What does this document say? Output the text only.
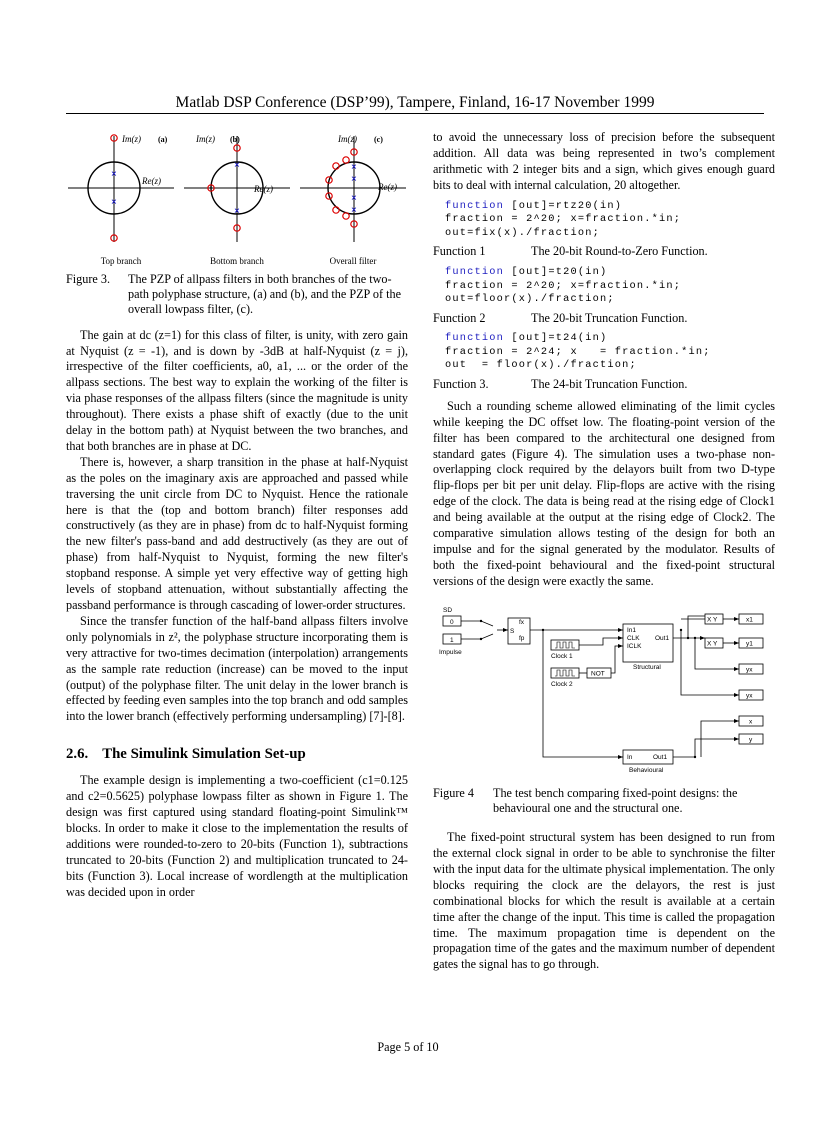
Matlab DSP Conference (DSP’99), Tampere, Finland, 16-17 November 1999
×
×
Im(z) (a)
Re(z)
Top branch
×
×
Im(z) (b)
Re(z)
Bottom branch
×
×
×
×
Im(z) (c)
Re(z)
Overall filter
Figure 3.	The PZP of allpass filters in both branches of the two-path polyphase structure, (a) and (b), and the PZP of the overall lowpass filter, (c).

The gain at dc (z=1) for this class of filter, is unity, with zero gain at Nyquist (z = -1), and is down by -3dB at half-Nyquist (z = j), irrespective of the filter coefficients, a0, a1, ... or the order of the allpass sections. The best way to explain the working of the filter is via phase responses of the allpass filters (since the magnitude is unity throughout). There exists a phase shift of exactly (due to the unit delay in the bottom path) at Nyquist between the two branches, and that both branches are in phase at DC.

There is, however, a sharp transition in the phase at half-Nyquist as the poles on the imaginary axis are approached and passed while traversing the unit circle from DC to Nyquist. Hence the rationale here is that the (top and bottom branch) filter responses add constructively (as they are in phase) from dc to half-Nyquist forming the new filter's pass-band and add destructively (as they are out of phase) from half-Nyquist to Nyquist, forming the new filter's stopband response. A simple yet very effective way of getting high levels of stopband attenuation, without substantially affecting the passband performance is through cascading of lower-order structures.

Since the transfer function of the half-band allpass filters involve only polynomials in z², the polyphase structure incorporating them is very attractive for two-times decimation (interpolation) arrangements as the sample rate reduction (increase) can be moved to the input (output) of the polyphase filter. The unit delay in the lower branch is effected by feeding even samples into the top branch and odd samples into the lower branch (effectively performing undersampling) [7]-[8].

2.6. The Simulink Simulation Set-up

The example design is implementing a two-coefficient (c1=0.125 and c2=0.5625) polyphase lowpass filter as shown in Figure 1. The design was first captured using standard floating-point Simulink™ blocks. In order to make it close to the implementation the results of additions were rounded-to-zero to 20-bits (Function 1), subtractions truncated to 20-bits (Function 2) and multiplication truncated to 24-bits (Function 3). Local increase of wordlength at the multiplication was decided upon in order

to avoid the unnecessary loss of precision before the subsequent addition. All data was being represented in two’s complement arithmetic with 2 integer bits and a sign, which gives enough guard bits to deal with internal calculation, 20 altogether.

function [out]=rtz20(in)
fraction = 2^20; x=fraction.*in;
out=fix(x)./fraction;
Function 1	The 20-bit Round-to-Zero Function.
function [out]=t20(in)
fraction = 2^20; x=fraction.*in;
out=floor(x)./fraction;
Function 2	The 20-bit Truncation Function.
function [out]=t24(in)
fraction = 2^24; x   = fraction.*in;
out  = floor(x)./fraction;
Function 3.	The 24-bit Truncation Function.

Such a rounding scheme allowed eliminating of the limit cycles while keeping the DC offset low. The floating-point version of the filter has been compared to the architectural one designed from standard gates (Figure 4). The simulation uses a two-phase non-overlapping clock required by the delayors built from two D-type flip-flops per bit per unit delay. Flip-flops are active with the rising edge of the clock. The data is being read at the rising edge of Clock1 and being available at the output at the rising edge of Clock2. The comparative simulation allows testing of the design for both an impulse and for the signal generated by the modulator. Results of both the fixed-point behavioural and the fixed-point structural versions of the design were exactly the same.

SD
0
1
Impulse
fx
S
fp
Clock 1
Clock 2
NOT
In1
CLK Out1
ICLK
Structural
In	Out1
Behavioural
X Y
X Y
x1
y1
yx
yx
x
y
Figure 4	The test bench comparing fixed-point designs: the behavioural one and the structural one.

The fixed-point structural system has been designed to run from the external clock signal in order to be able to synchronise the filter with the input data for the ultimate physical implementation. The only blocks requiring the clock are the delayors, the rest is just combinational blocks for which the result is available at a certain time after the change of the input. This time is called the propagation time. The maximum propagation time is dependent on the propagation time of the gates and the maximum number of dependent gates the signal has to go through.

Page 5 of 10
